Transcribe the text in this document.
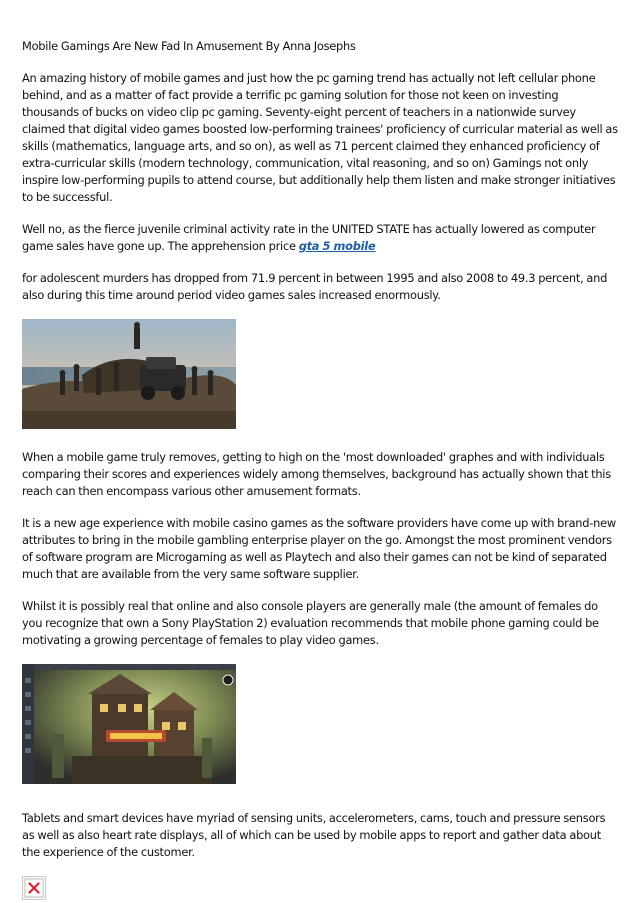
Mobile Gamings Are New Fad In Amusement By Anna Josephs

An amazing history of mobile games and just how the pc gaming trend has actually not left cellular phone behind, and as a matter of fact provide a terrific pc gaming solution for those not keen on investing thousands of bucks on video clip pc gaming. Seventy-eight percent of teachers in a nationwide survey claimed that digital video games boosted low-performing trainees' proficiency of curricular material as well as skills (mathematics, language arts, and so on), as well as 71 percent claimed they enhanced proficiency of extra-curricular skills (modern technology, communication, vital reasoning, and so on) Gamings not only inspire low-performing pupils to attend course, but additionally help them listen and make stronger initiatives to be successful.

Well no, as the fierce juvenile criminal activity rate in the UNITED STATE has actually lowered as computer game sales have gone up. The apprehension price gta 5 mobile

for adolescent murders has dropped from 71.9 percent in between 1995 and also 2008 to 49.3 percent, and also during this time around period video games sales increased enormously.

When a mobile game truly removes, getting to high on the 'most downloaded' graphes and with individuals comparing their scores and experiences widely among themselves, background has actually shown that this reach can then encompass various other amusement formats.

It is a new age experience with mobile casino games as the software providers have come up with brand-new attributes to bring in the mobile gambling enterprise player on the go. Amongst the most prominent vendors of software program are Microgaming as well as Playtech and also their games can not be kind of separated much that are available from the very same software supplier.

Whilst it is possibly real that online and also console players are generally male (the amount of females do you recognize that own a Sony PlayStation 2) evaluation recommends that mobile phone gaming could be motivating a growing percentage of females to play video games.

Tablets and smart devices have myriad of sensing units, accelerometers, cams, touch and pressure sensors as well as also heart rate displays, all of which can be used by mobile apps to report and gather data about the experience of the customer.
